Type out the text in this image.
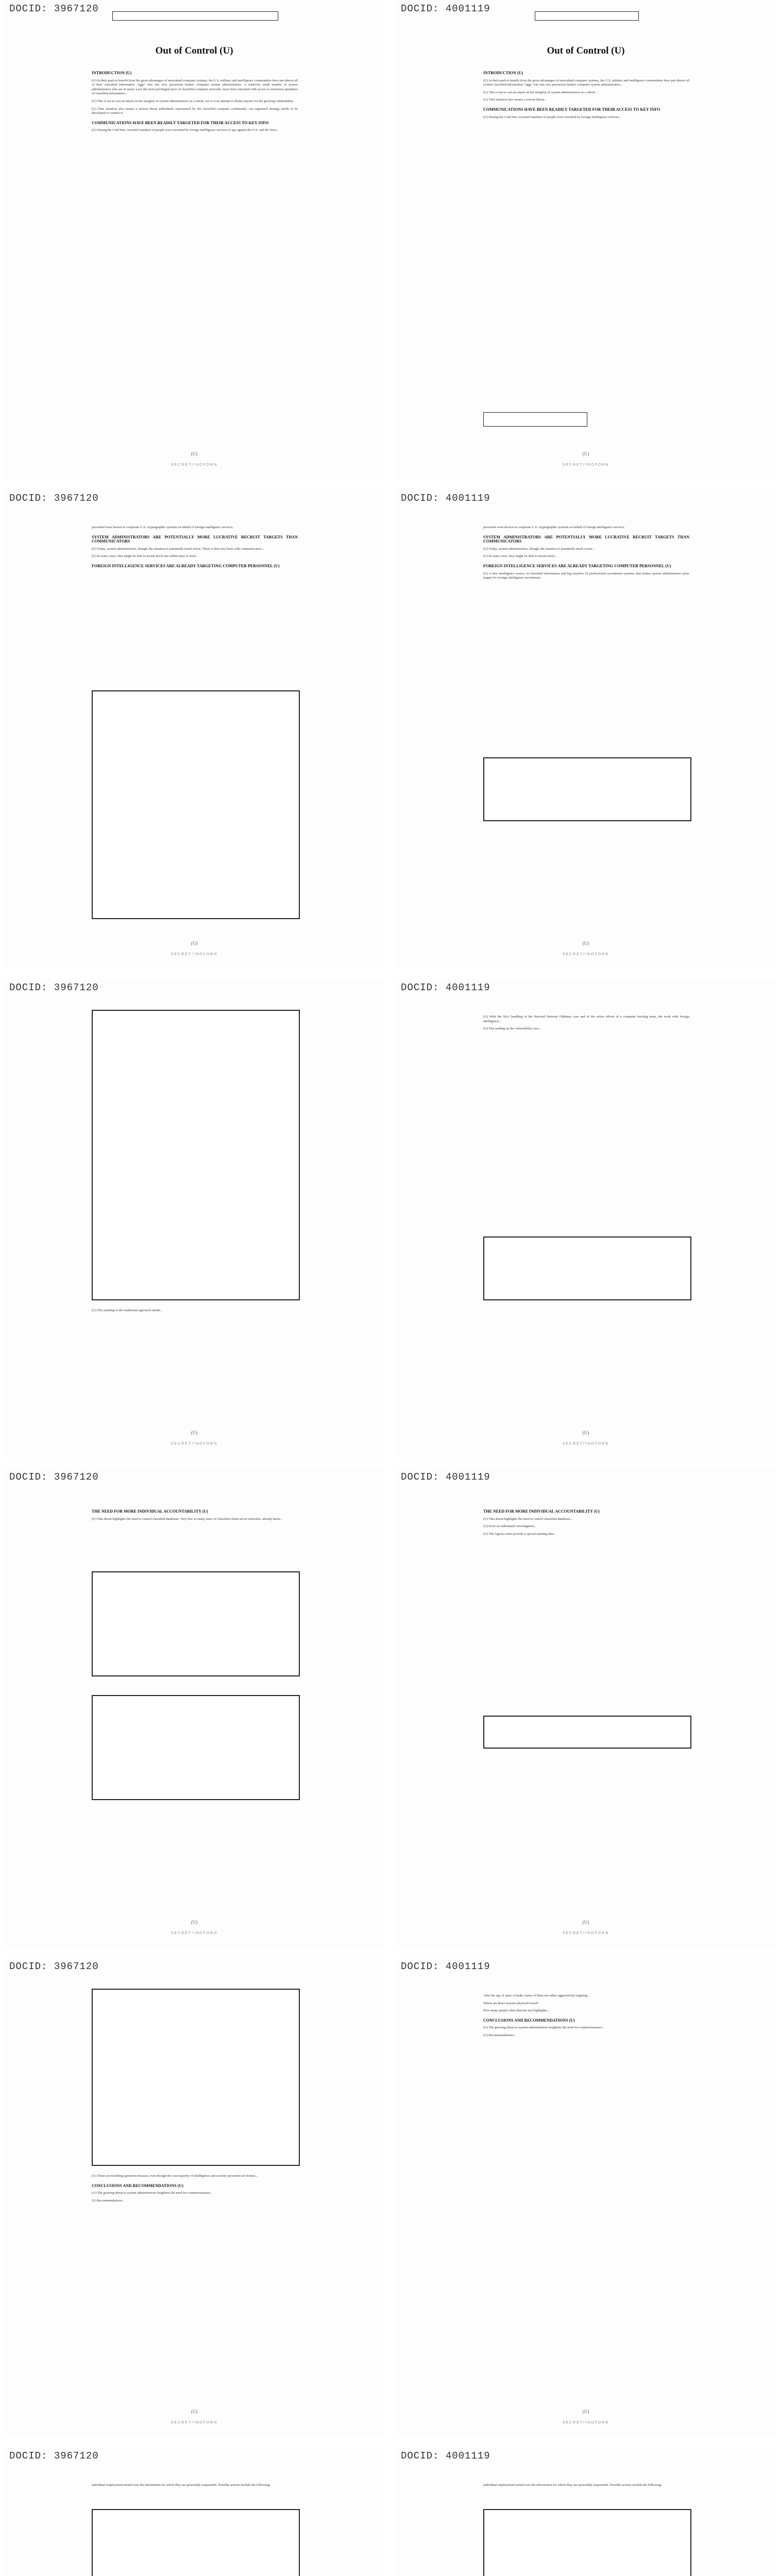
DOCID: 3967120
Out of Control (U)
INTRODUCTION (U)
(U) In their push to benefit from the great advantages of networked computer systems, the U.S. military and intelligence communities have put almost all of their classified information "eggs" into one very precarious basket: computer system administrators. A relatively small number of system administrators who are in many ways the most privileged users of classified computer networks, have been entrusted with access to enormous quantities of classified information...
(U) This is not to cast an attack on the integrity of system administrators as a whole, nor is it an attempt to blame anyone for the growing vulnerability.
(U) That situation also means a serious threat individuals represented by the classified computer community—an organized strategy needs to be developed to counter it.
COMMUNICATIONS HAVE BEEN READILY TARGETED FOR THEIR ACCESS TO KEY INFO
(U) During the Cold War, recruited numbers of people were recruited by foreign intelligence services to spy against the U.S. and the West...
(U)
SECRET//NOFORN
DOCID: 4001119
Out of Control (U)
INTRODUCTION (U)
(U) In their push to benefit from the great advantages of networked computer systems, the U.S. military and intelligence communities have put almost all of their classified information "eggs" into one very precarious basket: computer system administrators...
(U) This is not to cast an attack on the integrity of system administrators as a whole...
(U) That situation also means a serious threat...
COMMUNICATIONS HAVE BEEN READILY TARGETED FOR THEIR ACCESS TO KEY INFO
(U) During the Cold War, recruited numbers of people were recruited by foreign intelligence services...
(U)
SECRET//NOFORN
DOCID: 3967120
personnel were known to cooperate U.S. cryptographic systems on behalf of foreign intelligence services.
SYSTEM ADMINISTRATORS ARE POTENTIALLY MORE LUCRATIVE RECRUIT TARGETS THAN COMMUNICATORS
(U) Today, system administrators, though, the situation is potentially much worse. There is that very basis with communicators...
(U) In some cases, they might be able to ascent merit one caliber pass to steal...
FOREIGN INTELLIGENCE SERVICES ARE ALREADY TARGETING COMPUTER PERSONNEL (U)
(U)
SECRET//NOFORN
DOCID: 4001119
personnel were known to cooperate U.S. cryptographic systems on behalf of foreign intelligence services.
SYSTEM ADMINISTRATORS ARE POTENTIALLY MORE LUCRATIVE RECRUIT TARGETS THAN COMMUNICATORS
(U) Today, system administrators, though, the situation is potentially much worse...
(U) In some cases, they might be able to ascent merit...
FOREIGN INTELLIGENCE SERVICES ARE ALREADY TARGETING COMPUTER PERSONNEL (U)
(U) A new intelligence source, in classified information and big sensitive IT professional recruitment systems, that makes system administrators prize targets for foreign intelligence recruitment.
(U)
SECRET//NOFORN
DOCID: 3967120
(U) The standing of the traditional approach stands...
(U)
SECRET//NOFORN
DOCID: 4001119
(U) With the NSA handling of the Harvard National Oldtimer case and of the active efforts of a computer hacking team, the work with foreign intelligence...
(U) The seeding on the vulnerability case...
(U)
SECRET//NOFORN
DOCID: 3967120
THE NEED FOR MORE INDIVIDUAL ACCOUNTABILITY (U)
(U) This threat highlights the need to control classified databases. Very few, as many users of classified client-server networks, already know...
(U)
SECRET//NOFORN
DOCID: 4001119
THE NEED FOR MORE INDIVIDUAL ACCOUNTABILITY (U)
(U) This threat highlights the need to control classified databases...
(U) Even an individual's investigation...
(U) The Agency must provide a special training data...
(U)
SECRET//NOFORN
DOCID: 3967120
(U) These are troubling questions because, even though the vast majority of intelligence and security personnel are honest...
CONCLUSIONS AND RECOMMENDATIONS (U)
(U) The growing threat to system administrators heightens the need for countermeasures.
(U) Recommendations...
(U)
SECRET//NOFORN
DOCID: 4001119
After the age of spies or leaks, many of them are rather aggressively targeting...
Where are those reasons physical boxed?
How many people other than the test highlights...
CONCLUSIONS AND RECOMMENDATIONS (U)
(U) The growing threat to system administrators heightens the need for countermeasures...
(U) Recommendations...
(U)
SECRET//NOFORN
DOCID: 3967120
individual employment turned over the information for which they are personally responsible. Possible actions include the following:
DOCID: 4001119
individual employment turned over the information for which they are personally responsible. Possible actions include the following:
